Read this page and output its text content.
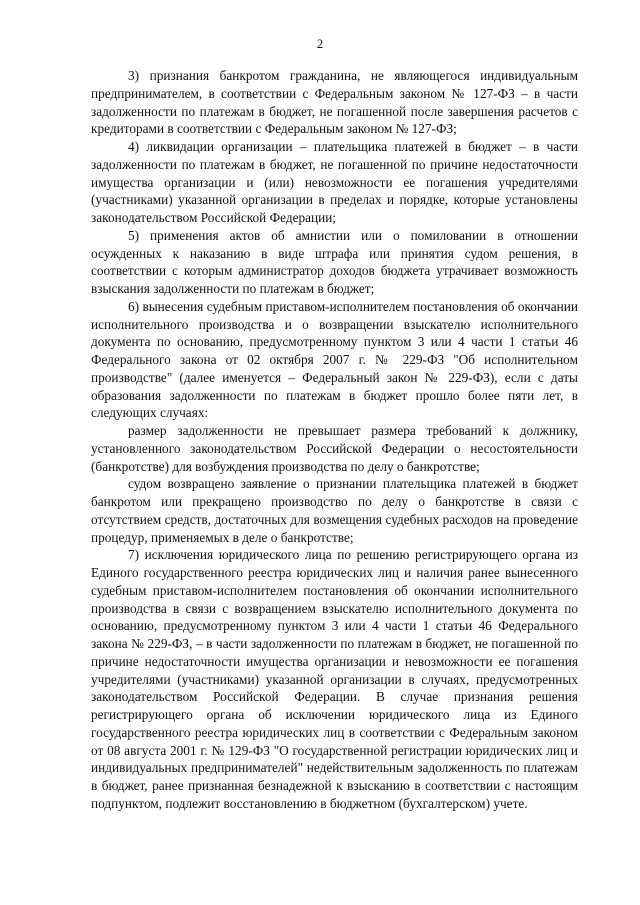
2

3) признания банкротом гражданина, не являющегося индивидуальным предпринимателем, в соответствии с Федеральным законом № 127-ФЗ – в части задолженности по платежам в бюджет, не погашенной после завершения расчетов с кредиторами в соответствии с Федеральным законом № 127-ФЗ;

4) ликвидации организации – плательщика платежей в бюджет – в части задолженности по платежам в бюджет, не погашенной по причине недостаточности имущества организации и (или) невозможности ее погашения учредителями (участниками) указанной организации в пределах и порядке, которые установлены законодательством Российской Федерации;

5) применения актов об амнистии или о помиловании в отношении осужденных к наказанию в виде штрафа или принятия судом решения, в соответствии с которым администратор доходов бюджета утрачивает возможность взыскания задолженности по платежам в бюджет;

6) вынесения судебным приставом-исполнителем постановления об окончании исполнительного производства и о возвращении взыскателю исполнительного документа по основанию, предусмотренному пунктом 3 или 4 части 1 статьи 46 Федерального закона от 02 октября 2007 г. № 229-ФЗ "Об исполнительном производстве" (далее именуется – Федеральный закон № 229-ФЗ), если с даты образования задолженности по платежам в бюджет прошло более пяти лет, в следующих случаях:

размер задолженности не превышает размера требований к должнику, установленного законодательством Российской Федерации о несостоятельности (банкротстве) для возбуждения производства по делу о банкротстве;

судом возвращено заявление о признании плательщика платежей в бюджет банкротом или прекращено производство по делу о банкротстве в связи с отсутствием средств, достаточных для возмещения судебных расходов на проведение процедур, применяемых в деле о банкротстве;

7) исключения юридического лица по решению регистрирующего органа из Единого государственного реестра юридических лиц и наличия ранее вынесенного судебным приставом-исполнителем постановления об окончании исполнительного производства в связи с возвращением взыскателю исполнительного документа по основанию, предусмотренному пунктом 3 или 4 части 1 статьи 46 Федерального закона № 229-ФЗ, – в части задолженности по платежам в бюджет, не погашенной по причине недостаточности имущества организации и невозможности ее погашения учредителями (участниками) указанной организации в случаях, предусмотренных законодательством Российской Федерации. В случае признания решения регистрирующего органа об исключении юридического лица из Единого государственного реестра юридических лиц в соответствии с Федеральным законом от 08 августа 2001 г. № 129-ФЗ "О государственной регистрации юридических лиц и индивидуальных предпринимателей" недействительным задолженность по платежам в бюджет, ранее признанная безнадежной к взысканию в соответствии с настоящим подпунктом, подлежит восстановлению в бюджетном (бухгалтерском) учете.
